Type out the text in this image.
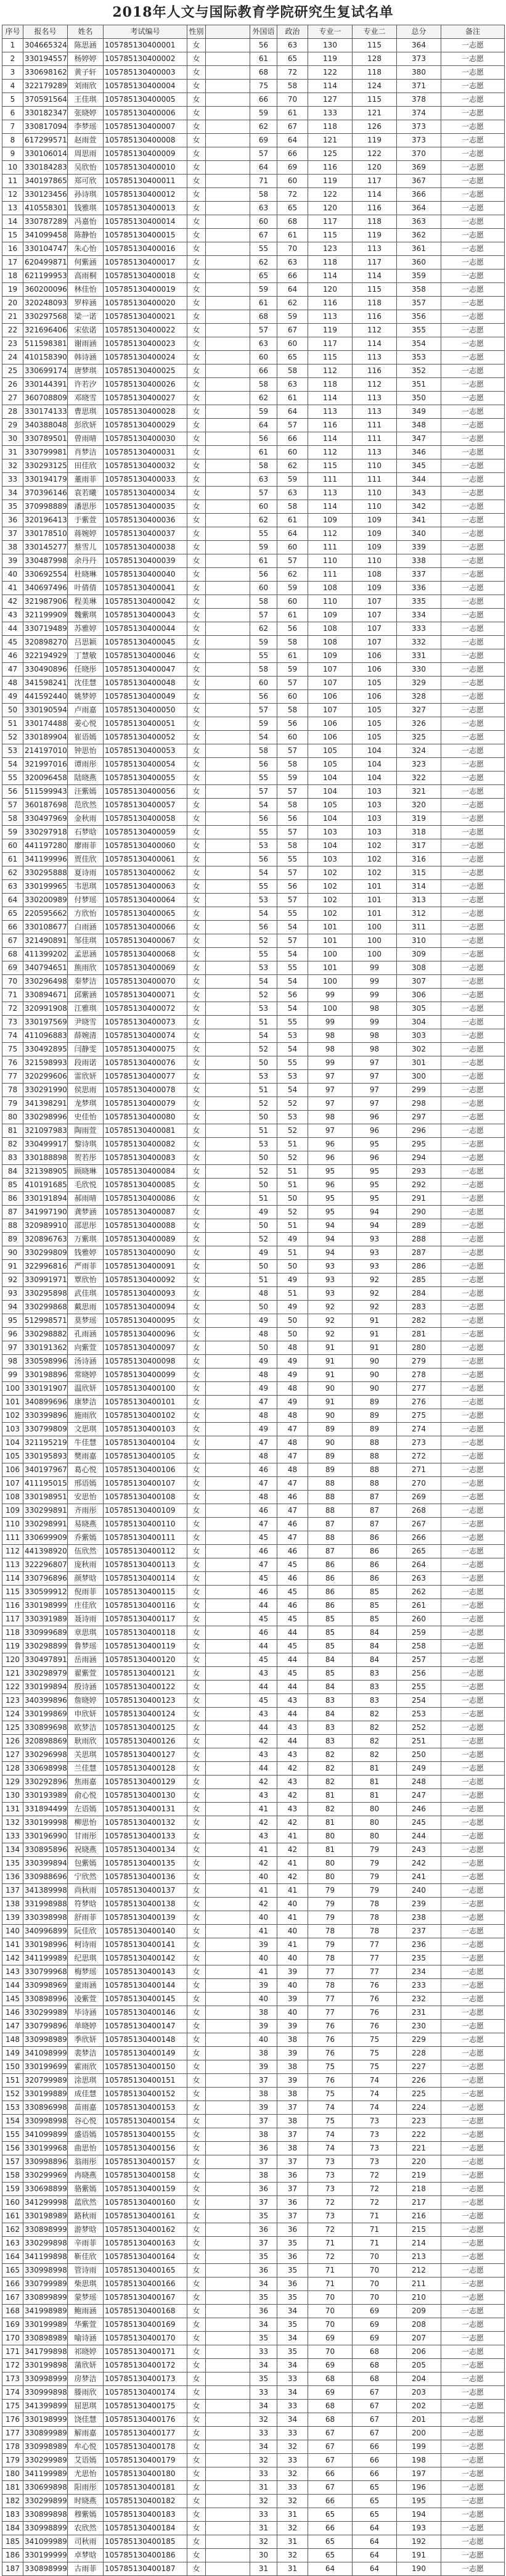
2018年人文与国际教育学院研究生复试名单
序号	报名号	姓名	考试编号	性别		外国语	政治	专业一	专业二	总分	备注
1	304665324	陈思涵	105785130400001	女		56	63	130	115	364	一志愿
2	330194557	杨婷婷	105785130400002	女		61	65	119	128	373	一志愿
3	330698162	黄子轩	105785130400003	女		68	72	122	118	380	一志愿
4	322179289	刘雨欣	105785130400004	女		75	58	114	124	371	一志愿
5	370591564	王佳琪	105785130400005	女		66	70	127	115	378	一志愿
6	330182347	张晓婷	105785130400006	女		59	61	133	121	374	一志愿
7	330817094	李梦瑶	105785130400007	女		62	67	118	126	373	一志愿
8	617299571	赵雨萱	105785130400008	女		69	64	121	119	373	一志愿
9	330106014	周思雨	105785130400009	女		57	66	125	122	370	一志愿
10	330184283	吴欣怡	105785130400010	女		64	69	116	120	369	一志愿
11	340197865	郑可欣	105785130400011	女		71	60	119	117	367	一志愿
12	330123456	孙诗琪	105785130400012	女		58	72	122	114	366	一志愿
13	410558301	钱雅琪	105785130400013	女		63	65	120	116	364	一志愿
14	330787289	冯嘉怡	105785130400014	女		60	68	117	118	363	一志愿
15	341099458	陈静怡	105785130400015	女		67	61	115	119	362	一志愿
16	330104747	朱心怡	105785130400016	女		55	70	123	113	361	一志愿
17	620499871	何紫涵	105785130400017	女		62	63	118	117	360	一志愿
18	621199953	高雨桐	105785130400018	女		65	66	114	114	359	一志愿
19	360200096	林佳怡	105785130400019	女		59	64	120	115	358	一志愿
20	320248093	罗梓涵	105785130400020	女		61	62	116	118	357	一志愿
21	330297568	梁一诺	105785130400021	女		68	59	113	116	356	一志愿
22	321696406	宋依诺	105785130400022	女		57	67	119	112	355	一志愿
23	511598381	谢雨涵	105785130400023	女		63	60	117	114	354	一志愿
24	410158390	韩诗涵	105785130400024	女		60	65	115	113	353	一志愿
25	330699174	唐梦琪	105785130400025	女		66	58	112	116	352	一志愿
26	330144391	许若汐	105785130400026	女		58	63	118	112	351	一志愿
27	360708809	邓晓雪	105785130400027	女		62	61	114	113	350	一志愿
28	330174133	曹思琪	105785130400028	女		59	64	113	113	349	一志愿
29	340388048	彭欣妍	105785130400029	女		64	57	116	111	348	一志愿
30	330789501	曾雨晴	105785130400030	女		56	66	114	111	347	一志愿
31	330799981	肖梦洁	105785130400031	女		61	60	112	113	346	一志愿
32	330293125	田佳欣	105785130400032	女		58	62	115	110	345	一志愿
33	330194179	董雨菲	105785130400033	女		63	59	111	111	344	一志愿
34	370396146	袁若曦	105785130400034	女		57	63	113	110	343	一志愿
35	370998889	潘思彤	105785130400035	女		60	58	114	110	342	一志愿
36	320196413	于紫萱	105785130400036	女		62	61	109	109	341	一志愿
37	330178510	蒋婉婷	105785130400037	女		55	64	112	109	340	一志愿
38	330145277	蔡雪儿	105785130400038	女		59	60	111	109	339	一志愿
39	330487998	余丹丹	105785130400039	女		61	57	110	110	338	一志愿
40	330692554	杜晓琳	105785130400040	女		56	62	111	108	337	一志愿
41	340697496	叶倩倩	105785130400041	女		60	59	108	109	336	一志愿
42	321987906	程美琳	105785130400042	女		58	60	110	107	335	一志愿
43	321199909	魏紫琪	105785130400043	女		57	61	109	107	334	一志愿
44	330719489	苏雅婷	105785130400044	女		62	56	108	107	333	一志愿
45	320898270	吕思颖	105785130400045	女		59	58	108	107	332	一志愿
46	322194929	丁慧敏	105785130400046	女		55	61	109	106	331	一志愿
47	330490896	任晓彤	105785130400047	女		58	59	107	106	330	一志愿
48	341598241	沈佳慧	105785130400048	女		60	57	107	105	329	一志愿
49	441592440	姚梦婷	105785130400049	女		56	60	106	106	328	一志愿
50	330190594	卢雨嘉	105785130400050	女		57	58	107	105	327	一志愿
51	330174488	姜心悦	105785130400051	女		59	56	106	105	326	一志愿
52	330189904	崔语嫣	105785130400052	女		54	60	106	105	325	一志愿
53	214197010	钟思怡	105785130400053	女		58	57	105	104	324	一志愿
54	321997016	谭雨彤	105785130400054	女		56	58	105	104	323	一志愿
55	320096458	陆晓燕	105785130400055	女		55	59	104	104	322	一志愿
56	511599943	汪紫嫣	105785130400056	女		57	57	104	103	321	一志愿
57	360187698	范欣然	105785130400057	女		54	58	105	103	320	一志愿
58	330497969	金秋雨	105785130400058	女		56	56	104	103	319	一志愿
59	330297918	石梦晗	105785130400059	女		55	57	103	103	318	一志愿
60	441197280	廖雨菲	105785130400060	女		53	58	104	102	317	一志愿
61	341199996	贾佳欣	105785130400061	女		56	55	103	102	316	一志愿
62	330295888	夏诗雨	105785130400062	女		54	57	102	102	315	一志愿
63	330199965	韦思琪	105785130400063	女		55	56	102	101	314	一志愿
64	330200989	付梦瑶	105785130400064	女		53	57	102	101	313	一志愿
65	220595662	方欣怡	105785130400065	女		54	55	102	101	312	一志愿
66	330108677	白雨涵	105785130400066	女		56	54	101	100	311	一志愿
67	321490891	邹佳琪	105785130400067	女		52	57	101	100	310	一志愿
68	411399202	孟思涵	105785130400068	女		55	54	100	100	309	一志愿
69	340794651	熊雨欣	105785130400069	女		53	55	101	99	308	一志愿
70	330296498	秦梦洁	105785130400070	女		54	54	100	99	307	一志愿
71	330894671	邱紫涵	105785130400071	女		52	56	99	99	306	一志愿
72	320991908	江雅琪	105785130400072	女		53	54	100	98	305	一志愿
73	330197569	尹晓雪	105785130400073	女		51	55	99	99	304	一志愿
74	411096883	薛婉清	105785130400074	女		54	53	98	98	303	一志愿
75	330492895	闫静雯	105785130400075	女		52	54	98	98	302	一志愿
76	321598993	段雨诺	105785130400076	女		50	55	99	97	301	一志愿
77	320299606	雷欣妍	105785130400077	女		53	53	97	97	300	一志愿
78	330291990	侯思雨	105785130400078	女		51	54	97	97	299	一志愿
79	341398291	龙梦琪	105785130400079	女		52	52	97	97	298	一志愿
80	330298996	史佳怡	105785130400080	女		50	53	98	96	297	一志愿
81	321097983	陶雨萱	105785130400081	女		51	52	97	96	296	一志愿
82	330499917	黎诗琪	105785130400082	女		53	51	96	95	295	一志愿
83	330188898	贺若彤	105785130400083	女		50	52	96	96	294	一志愿
84	321398905	顾晓琳	105785130400084	女		52	51	95	95	293	一志愿
85	410191685	毛欣悦	105785130400085	女		50	51	96	95	292	一志愿
86	330191894	郝雨晴	105785130400086	女		51	50	95	95	291	一志愿
87	341997190	龚梦涵	105785130400087	女		49	52	95	94	290	一志愿
88	320989910	邵思彤	105785130400088	女		50	51	94	94	289	一志愿
89	320896763	万紫琪	105785130400089	女		52	49	94	93	288	一志愿
90	330299809	钱雅婷	105785130400090	女		49	51	94	93	287	一志愿
91	322996816	严雨菲	105785130400091	女		50	50	93	93	286	一志愿
92	330991971	覃欣怡	105785130400092	女		51	49	93	92	285	一志愿
93	330295898	武佳琪	105785130400093	女		48	51	93	92	284	一志愿
94	330299868	戴思雨	105785130400094	女		50	49	92	92	283	一志愿
95	512998571	莫梦瑶	105785130400095	女		49	50	92	91	282	一志愿
96	330298882	孔雨涵	105785130400096	女		48	50	92	91	281	一志愿
97	330191362	向紫萱	105785130400097	女		50	48	91	91	280	一志愿
98	330598996	汤诗涵	105785130400098	女		49	49	91	90	279	一志愿
99	330198896	常晓婷	105785130400099	女		48	49	91	90	278	一志愿
100	330191907	温欣妍	105785130400100	女		49	48	90	90	277	一志愿
101	340899696	康梦洁	105785130400101	女		47	49	91	89	276	一志愿
102	330399896	施雨欣	105785130400102	女		48	48	90	89	275	一志愿
103	330799809	文思琪	105785130400103	女		49	47	89	89	274	一志愿
104	321195219	牛佳慧	105785130400104	女		47	48	90	88	273	一志愿
105	330195893	樊雨嘉	105785130400105	女		48	47	89	88	272	一志愿
106	340197967	葛心悦	105785130400106	女		46	48	89	88	271	一志愿
107	411195015	邢语嫣	105785130400107	女		47	47	88	88	270	一志愿
108	330198951	安思怡	105785130400108	女		48	46	88	87	269	一志愿
109	330299891	齐雨彤	105785130400109	女		46	47	88	87	268	一志愿
110	330298991	易晓燕	105785130400110	女		47	46	87	87	267	一志愿
111	330699909	乔紫嫣	105785130400111	女		45	47	88	86	266	一志愿
112	441398920	伍欣然	105785130400112	女		46	46	87	86	265	一志愿
113	322296807	庞秋雨	105785130400113	女		47	45	86	86	264	一志愿
114	330796896	颜梦晗	105785130400114	女		45	46	86	86	263	一志愿
115	330599912	倪雨菲	105785130400115	女		46	45	86	85	262	一志愿
116	330198999	庄佳欣	105785130400116	女		44	46	86	85	261	一志愿
117	330391989	聂诗雨	105785130400117	女		45	45	85	85	260	一志愿
118	330999689	章思琪	105785130400118	女		46	44	85	84	259	一志愿
119	330298899	鲁梦瑶	105785130400119	女		44	45	85	84	258	一志愿
120	330497891	岳雨涵	105785130400120	女		45	44	84	84	257	一志愿
121	330298979	翟紫萱	105785130400121	女		43	45	85	83	256	一志愿
122	330199894	殷诗涵	105785130400122	女		44	44	84	83	255	一志愿
123	340399896	詹晓婷	105785130400123	女		45	43	83	83	254	一志愿
124	330199869	申欣妍	105785130400124	女		43	44	84	82	253	一志愿
125	330899698	欧梦洁	105785130400125	女		44	43	83	82	252	一志愿
126	320898869	耿雨欣	105785130400126	女		42	44	83	82	251	一志愿
127	330296998	关思琪	105785130400127	女		43	43	82	82	250	一志愿
128	330698998	兰佳慧	105785130400128	女		44	42	82	81	249	一志愿
129	330292896	焦雨嘉	105785130400129	女		42	43	82	81	248	一志愿
130	330193989	俞心悦	105785130400130	女		43	42	81	81	247	一志愿
131	331894499	左语嫣	105785130400131	女		41	43	82	80	246	一志愿
132	330199998	柳思怡	105785130400132	女		42	42	81	80	245	一志愿
133	330196990	甘雨彤	105785130400133	女		43	41	80	80	244	一志愿
134	330895896	祝晓燕	105785130400134	女		41	42	81	79	243	一志愿
135	330399894	包紫嫣	105785130400135	女		42	41	80	79	242	一志愿
136	330988696	宁欣然	105785130400136	女		40	42	80	79	241	一志愿
137	341389998	尚秋雨	105785130400137	女		41	41	79	79	240	一志愿
138	331998988	符梦晗	105785130400138	女		42	40	79	78	239	一志愿
139	330398998	舒雨菲	105785130400139	女		40	41	79	78	238	一志愿
140	340996899	阮佳欣	105785130400140	女		41	40	78	78	237	一志愿
141	330198996	柯诗雨	105785130400141	女		39	41	79	77	236	一志愿
142	341199989	纪思琪	105785130400142	女		40	40	78	77	235	一志愿
143	330799968	梅梦瑶	105785130400143	女		41	39	77	77	234	一志愿
144	330998969	童雨涵	105785130400144	女		39	40	78	76	233	一志愿
145	330898996	凌紫萱	105785130400145	女		40	39	77	76	232	一志愿
146	330299989	毕诗涵	105785130400146	女		38	40	77	76	231	一志愿
147	330799896	单晓婷	105785130400147	女		39	39	76	76	230	一志愿
148	330998989	季欣妍	105785130400148	女		40	38	76	75	229	一志愿
149	341098999	裴梦洁	105785130400149	女		38	39	76	75	228	一志愿
150	330199699	霍雨欣	105785130400150	女		39	38	75	75	227	一志愿
151	320799989	涂思琪	105785130400151	女		37	39	76	74	226	一志愿
152	330199889	成佳慧	105785130400152	女		38	38	75	74	225	一志愿
153	330896998	苗雨嘉	105785130400153	女		39	37	74	74	224	一志愿
154	330998998	谷心悦	105785130400154	女		37	38	75	73	223	一志愿
155	341099899	盛语嫣	105785130400155	女		38	37	74	73	222	一志愿
156	330199968	曲思怡	105785130400156	女		36	38	74	73	221	一志愿
157	330998896	翁雨彤	105785130400157	女		37	37	73	73	220	一志愿
158	330299969	冉晓燕	105785130400158	女		38	36	73	72	219	一志愿
159	330698899	骆紫嫣	105785130400159	女		36	37	73	72	218	一志愿
160	341299998	蓝欣然	105785130400160	女		37	36	72	72	217	一志愿
161	330198989	路秋雨	105785130400161	女		35	37	73	71	216	一志愿
162	330898999	游梦晗	105785130400162	女		36	36	72	71	215	一志愿
163	330299898	辛雨菲	105785130400163	女		37	35	71	71	214	一志愿
164	341199898	靳佳欣	105785130400164	女		35	36	72	70	213	一志愿
165	330998998	管诗雨	105785130400165	女		36	35	71	70	212	一志愿
166	330799989	柴思琪	105785130400166	女		34	36	71	70	211	一志愿
167	330899899	蒙梦瑶	105785130400167	女		35	35	70	70	210	一志愿
168	341998989	鲍雨涵	105785130400168	女		36	34	70	69	209	一志愿
169	330199989	华紫萱	105785130400169	女		34	35	70	69	208	一志愿
170	330898989	喻诗涵	105785130400170	女		35	34	69	69	207	一志愿
171	341799898	祁晓婷	105785130400171	女		33	35	70	68	206	一志愿
172	330199898	蒲欣妍	105785130400172	女		34	34	69	68	205	一志愿
173	330998999	房梦洁	105785130400173	女		35	33	68	68	204	一志愿
174	330999898	滕雨欣	105785130400174	女		33	34	69	67	203	一志愿
175	341399899	屈思琪	105785130400175	女		34	33	68	67	202	一志愿
176	330198999	饶佳慧	105785130400176	女		32	34	68	67	201	一志愿
177	330899989	解雨嘉	105785130400177	女		33	33	67	67	200	一志愿
178	330998989	牟心悦	105785130400178	女		34	32	67	66	199	一志愿
179	330299989	艾语嫣	105785130400179	女		32	33	67	66	198	一志愿
180	341199989	尤思怡	105785130400180	女		33	32	66	66	197	一志愿
181	330699898	阳雨彤	105785130400181	女		31	33	67	65	196	一志愿
182	330299899	时晓燕	105785130400182	女		32	32	66	65	195	一志愿
183	330899898	穆紫嫣	105785130400183	女		33	31	65	65	194	一志愿
184	330998899	农欣然	105785130400184	女		31	32	66	64	193	一志愿
185	341099989	司秋雨	105785130400185	女		32	31	65	64	192	一志愿
186	330199999	卓梦晗	105785130400186	女		30	32	65	64	191	一志愿
187	330898999	古雨菲	105785130400187	女		31	31	64	64	190	一志愿
